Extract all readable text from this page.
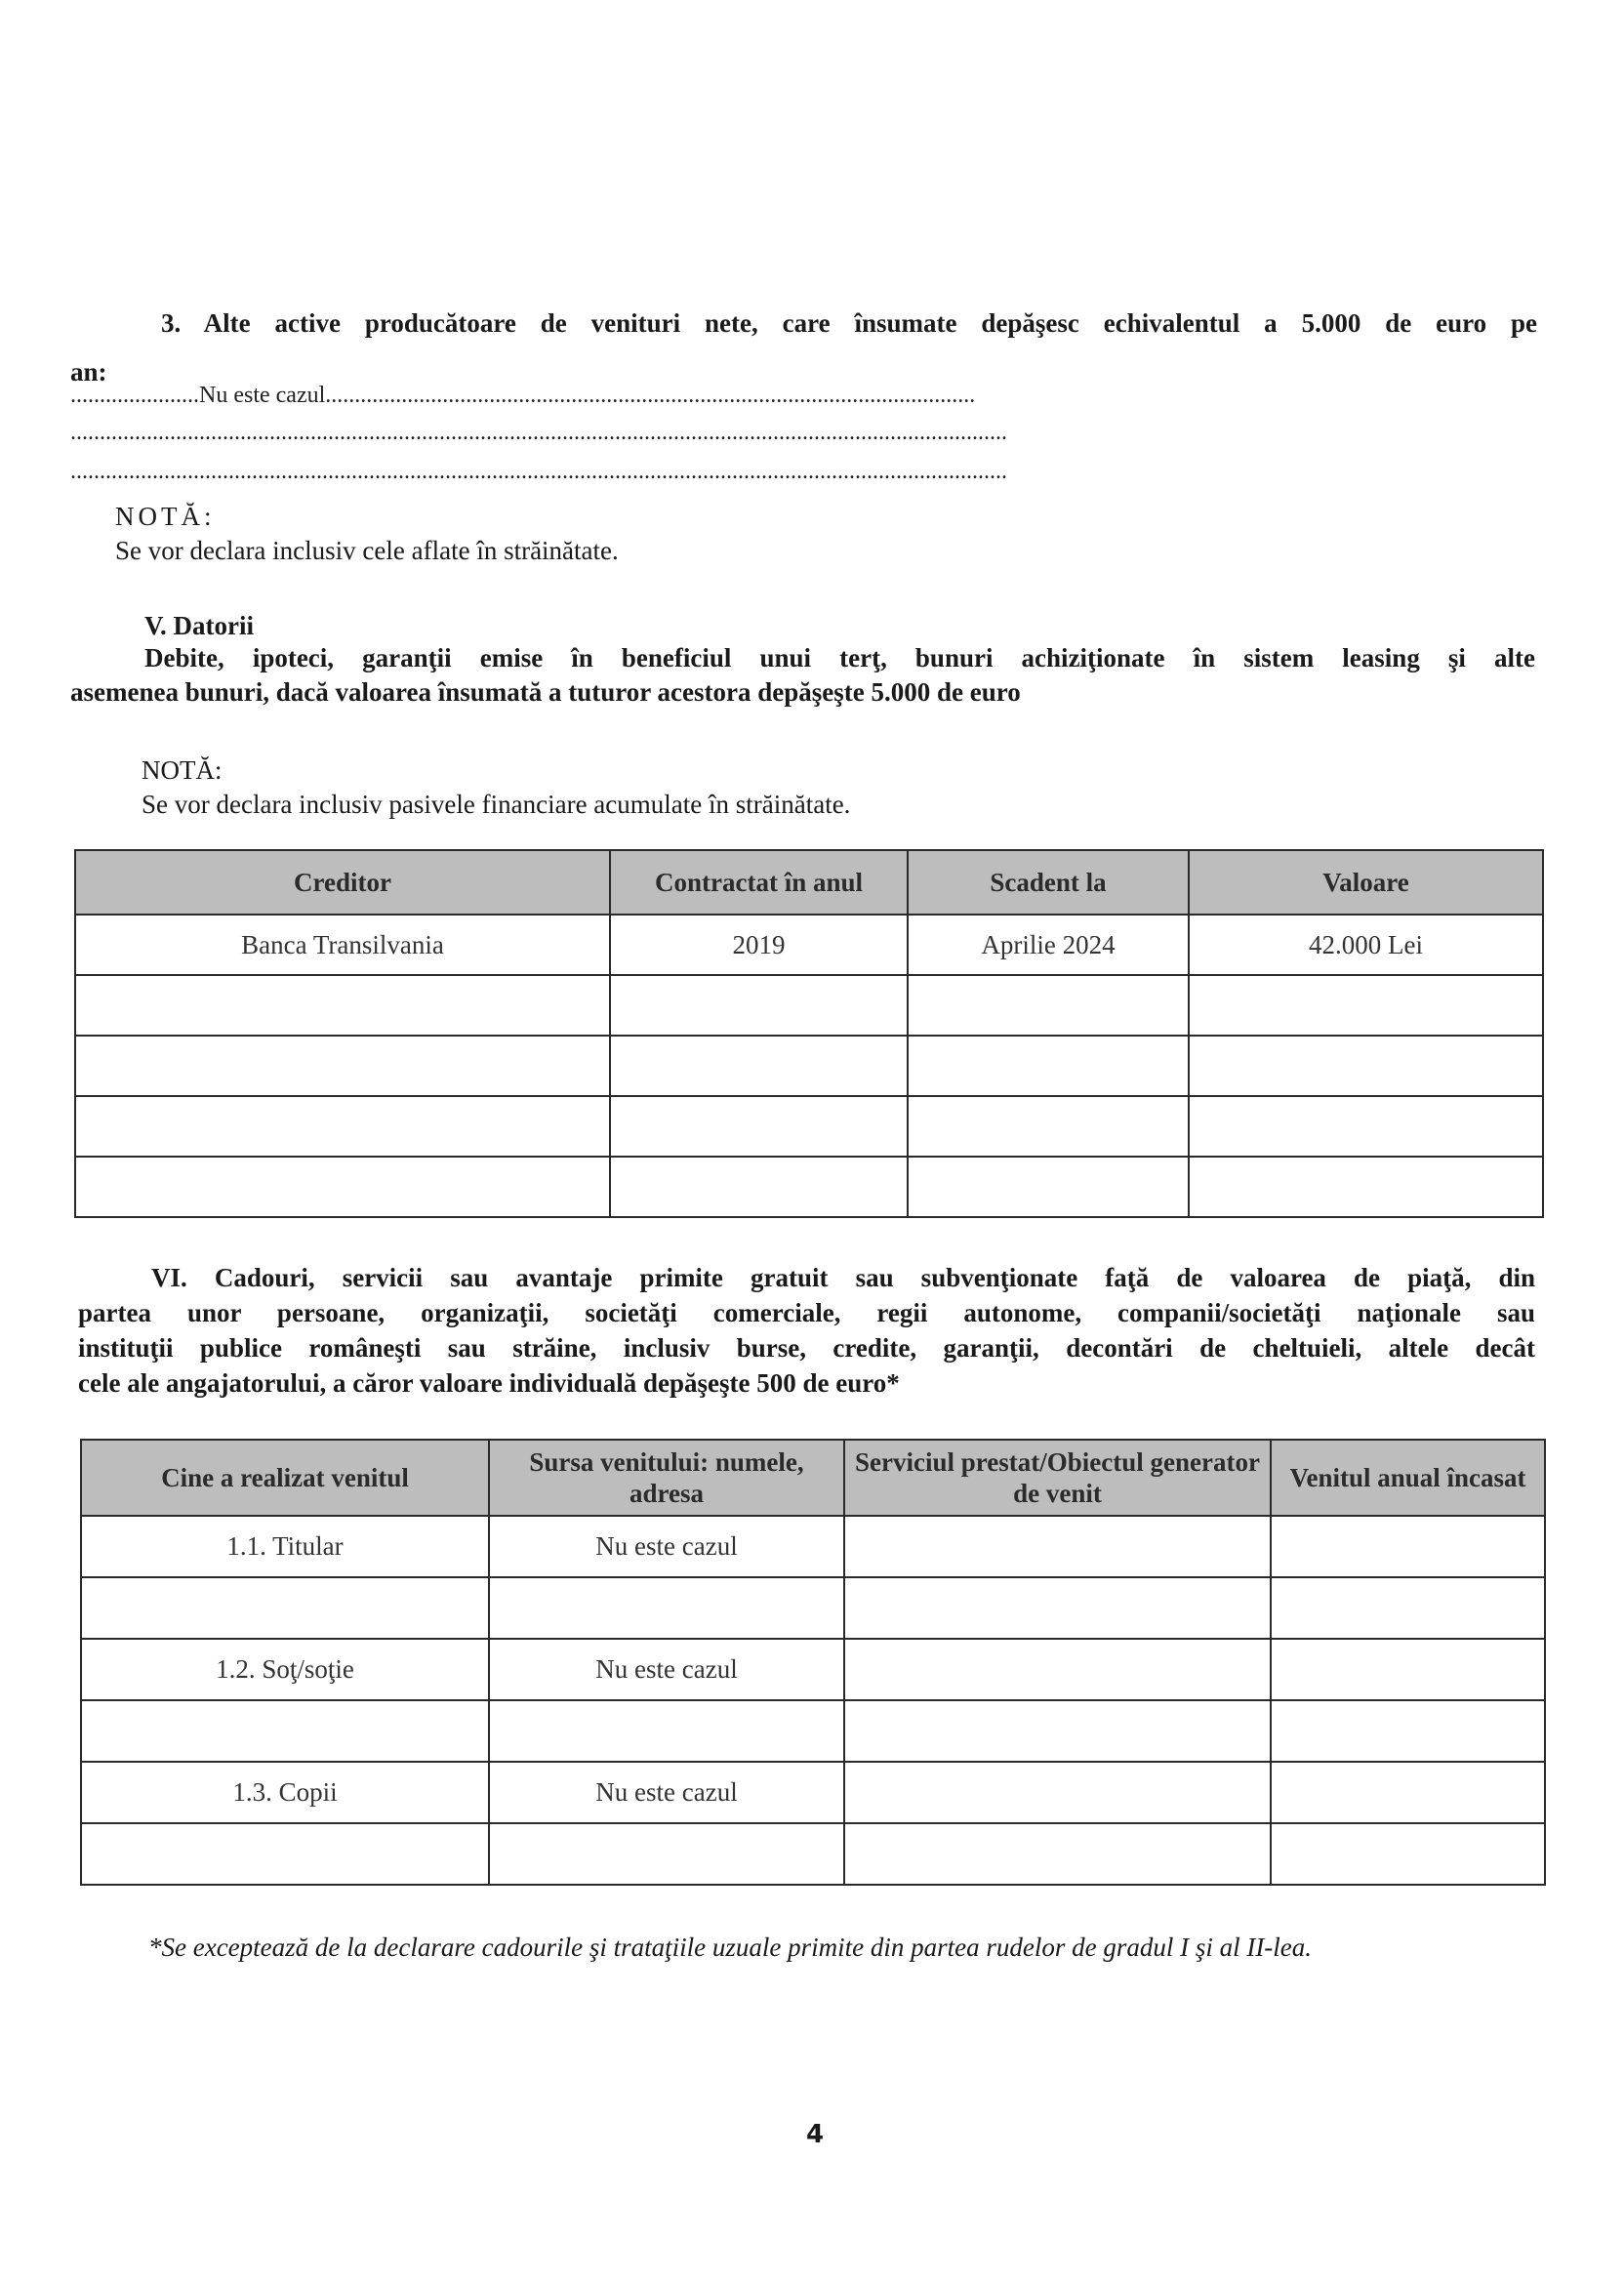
3. Alte active producătoare de venituri nete, care însumate depăşesc echivalentul a 5.000 de euro pe
an:
......................Nu este cazul...............................................................................................................
................................................................................................................................................................
................................................................................................................................................................
NOTĂ:
Se vor declara inclusiv cele aflate în străinătate.
V. Datorii
Debite, ipoteci, garanţii emise în beneficiul unui terţ, bunuri achiziţionate în sistem leasing şi alte
asemenea bunuri, dacă valoarea însumată a tuturor acestora depăşeşte 5.000 de euro
NOTĂ:
Se vor declara inclusiv pasivele financiare acumulate în străinătate.
Creditor	Contractat în anul	Scadent la	Valoare
Banca Transilvania	2019	Aprilie 2024	42.000 Lei

VI. Cadouri, servicii sau avantaje primite gratuit sau subvenţionate faţă de valoarea de piaţă, din
partea unor persoane, organizaţii, societăţi comerciale, regii autonome, companii/societăţi naţionale sau
instituţii publice româneşti sau străine, inclusiv burse, credite, garanţii, decontări de cheltuieli, altele decât
cele ale angajatorului, a căror valoare individuală depăşeşte 500 de euro*
Cine a realizat venitul	Sursa venitului: numele, adresa	Serviciul prestat/Obiectul generator de venit	Venitul anual încasat
1.1. Titular	Nu este cazul		

1.2. Soţ/soţie	Nu este cazul		

1.3. Copii	Nu este cazul		

*Se exceptează de la declarare cadourile şi trataţiile uzuale primite din partea rudelor de gradul I şi al II-lea.
4
